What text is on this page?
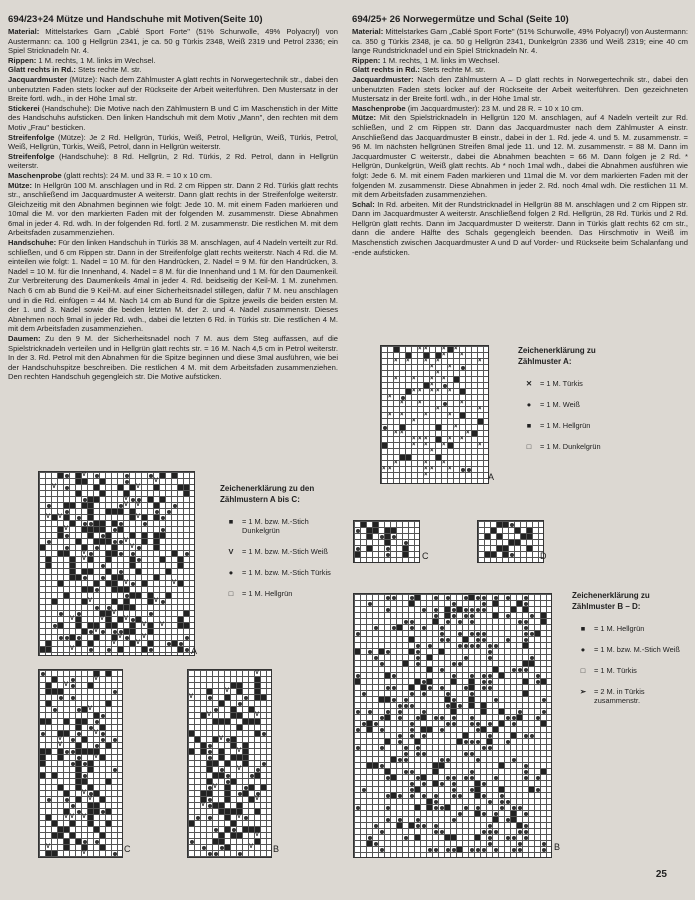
694/23+24 Mütze und Handschuhe mit Motiven(Seite 10)

Material: Mittelstarkes Garn „Cablé Sport Forte" (51% Schurwolle, 49% Polyacryl) von Austermann: ca. 100 g Hellgrün 2341, je ca. 50 g Türkis 2348, Weiß 2319 und Petrol 2336; ein Spiel Stricknadeln Nr. 4.

Rippen: 1 M. rechts, 1 M. links im Wechsel.

Glatt rechts in Rd.: Stets rechte M. str.

Jacquardmuster (Mütze): Nach dem Zählmuster A glatt rechts in Norwegertechnik str., dabei den unbenutzten Faden stets locker auf der Rückseite der Arbeit weiterführen. Den Mustersatz in der Breite fortl. wdh., in der Höhe 1mal str.

Stickerei (Handschuhe): Die Motive nach den Zählmustern B und C im Maschenstich in der Mitte des Handschuhs aufsticken. Den linken Handschuh mit dem Motiv „Mann", den rechten mit dem Motiv „Frau" besticken.

Streifenfolge (Mütze): Je 2 Rd. Hellgrün, Türkis, Weiß, Petrol, Hellgrün, Weiß, Türkis, Petrol, Weiß, Hellgrün, Türkis, Weiß, Petrol, dann in Hellgrün weiterstr.

Streifenfolge (Handschuhe): 8 Rd. Hellgrün, 2 Rd. Türkis, 2 Rd. Petrol, dann in Hellgrün weiterstr.

Maschenprobe (glatt rechts): 24 M. und 33 R. = 10 x 10 cm.

Mütze: In Hellgrün 100 M. anschlagen und in Rd. 2 cm Rippen str. Dann 2 Rd. Türkis glatt rechts str., anschließend im Jacquardmuster A weiterstr. Dann glatt rechts in der Streifenfolge weiterstr. Gleichzeitig mit den Abnahmen beginnen wie folgt: Jede 10. M. mit einem Faden markieren und 10mal die M. vor den markierten Faden mit der folgenden M. zusammenstr. Diese Abnahmen 6mal in jeder 4. Rd. wdh. In der folgenden Rd. fortl. 2 M. zusammenstr. Die restlichen M. mit dem Arbeitsfaden zusammenziehen.

Handschuhe: Für den linken Handschuh in Türkis 38 M. anschlagen, auf 4 Nadeln verteilt zur Rd. schließen, und 6 cm Rippen str. Dann in der Streifenfolge glatt rechts weiterstr. Nach 4 Rd. die M. einteilen wie folgt: 1. Nadel = 10 M. für den Handrücken, 2. Nadel = 9 M. für den Handrücken, 3. Nadel = 10 M. für die Innenhand, 4. Nadel = 8 M. für die Innenhand und 1 M. für den Daumenkeil. Zur Verbreiterung des Daumenkeils 4mal in jeder 4. Rd. beidseitig der Keil-M. 1 M. zunehmen. Nach 6 cm ab Bund die 9 Keil-M. auf einer Sicherheitsnadel stillegen, dafür 7 M. neu anschlagen und in die Rd. einfügen = 44 M. Nach 14 cm ab Bund für die Spitze jeweils die beiden ersten M. der 1. und 3. Nadel sowie die beiden letzten M. der 2. und 4. Nadel zusammenstr. Dieses Abnehmen noch 9mal in jeder Rd. wdh., dabei die letzten 6 Rd. in Türkis str. Die restlichen 4 M. mit dem Arbeitsfaden zusammenziehen.

Daumen: Zu den 9 M. der Sicherheitsnadel noch 7 M. aus dem Steg auffassen, auf die Spielstricknadeln verteilen und in Hellgrün glatt rechts str. = 16 M. Nach 4,5 cm in Petrol weiterstr. In der 3. Rd. Petrol mit den Abnahmen für die Spitze beginnen und diese 3mal ausführen, wie bei der Handschuhspitze beschreiben. Die restlichen 4 M. mit dem Arbeitsfaden zusammenziehen. Den rechten Handschuh gegengleich str. Die Motive aufsticken.

694/25+ 26 Norwegermütze und Schal (Seite 10)

Material: Mittelstarkes Garn „Cablé Sport Forte" (51% Schurwolle, 49% Polyacryl) von Austermann: ca. 350 g Türkis 2348, je ca. 50 g Hellgrün 2341, Dunkelgrün 2336 und Weiß 2319; eine 40 cm lange Rundstricknadel und ein Spiel Stricknadeln Nr. 4.

Rippen: 1 M. rechts, 1 M. links im Wechsel.

Glatt rechts in Rd.: Stets rechte M. str.

Jacquardmuster: Nach den Zählmustern A – D glatt rechts in Norwegertechnik str., dabei den unbenutzten Faden stets locker auf der Rückseite der Arbeit weiterführen. Den gezeichneten Mustersatz in der Breite fortl. wdh., in der Höhe 1mal str.

Maschenprobe (im Jacquardmuster): 23 M. und 28 R. = 10 x 10 cm.

Mütze: Mit den Spielstricknadeln in Hellgrün 120 M. anschlagen, auf 4 Nadeln verteilt zur Rd. schließen, und 2 cm Rippen str. Dann das Jacquardmuster nach dem Zählmuster A einstr. Anschließend das Jacquardmuster B einstr., dabei in der 1. Rd. jede 4. und 5. M. zusammenstr. = 96 M. Im nächsten hellgrünen Streifen 8mal jede 11. und 12. M. zusammenstr. = 88 M. Dann im Jacquardmuster C weiterstr., dabei die Abnahmen beachten = 66 M. Dann folgen je 2 Rd. * Hellgrün, Dunkelgrün, Weiß glatt rechts. Ab * noch 1mal wdh., dabei die Abnahmen ausführen wie folgt: Jede 6. M. mit einem Faden markieren und 11mal die M. vor dem markierten Faden mit der folgenden M. zusammenstr. Diese Abnahmen in jeder 2. Rd. noch 4mal wdh. Die restlichen 11 M. mit dem Arbeitsfaden zusammenziehen.

Schal: In Rd. arbeiten. Mit der Rundstricknadel in Hellgrün 88 M. anschlagen und 2 cm Rippen str. Dann im Jacquardmuster A weiterstr. Anschließend folgen 2 Rd. Hellgrün, 28 Rd. Türkis und 2 Rd. Hellgrün glatt rechts. Dann im Jacquardmuster D weiterstr. Dann in Türkis glatt rechts 62 cm str., dann die andere Hälfte des Schals gegengleich beenden. Das Hirschmotiv in Weiß im Maschenstich zwischen Jacquardmuster A und D auf Vorder- und Rückseite beim Schalanfang und -ende aufsticken.

V
V
V	V
V
V V
V V	V
V
V
V
V
V
V	V
V	V
V
V	V	V
V V
V
V	V
V	V
V	A
V
V
V
V
V
V
V
V
V
V V V
V
V	C
V
V
V
V	V
V
V
V
V
V
V
V
V
V B
Zeichenerklärung zu den
Zählmustern A bis C:
■	= 1 M. bzw. M.-Stich Dunkelgrün
V	= 1 M. bzw. M.-Stich Weiß
●	= 1 M. bzw. M.-Stich Türkis
□	= 1 M. Hellgrün
× × × ×
× ×
× × × ×	×
× ×
×
× × × ×
×
× × × × ×
×
× ×	×
×	×
× ×	×	×
×
×
× ×	×
× × ×	× ×
× × ×	×
×
×	× ×
× ×	× × ×
×	A
C	D
B
Zeichenerklärung zu
Zählmuster A:
✕	= 1 M. Türkis
●	= 1 M. Weiß
■	= 1 M. Hellgrün
□	= 1 M. Dunkelgrün
Zeichenerklärung zu
Zählmuster B – D:
■	= 1 M. Hellgrün
●	= 1 M. bzw. M.-Stich Weiß
□	= 1 M. Türkis
➣	= 2 M. in Türkis zusammenstr.
25
